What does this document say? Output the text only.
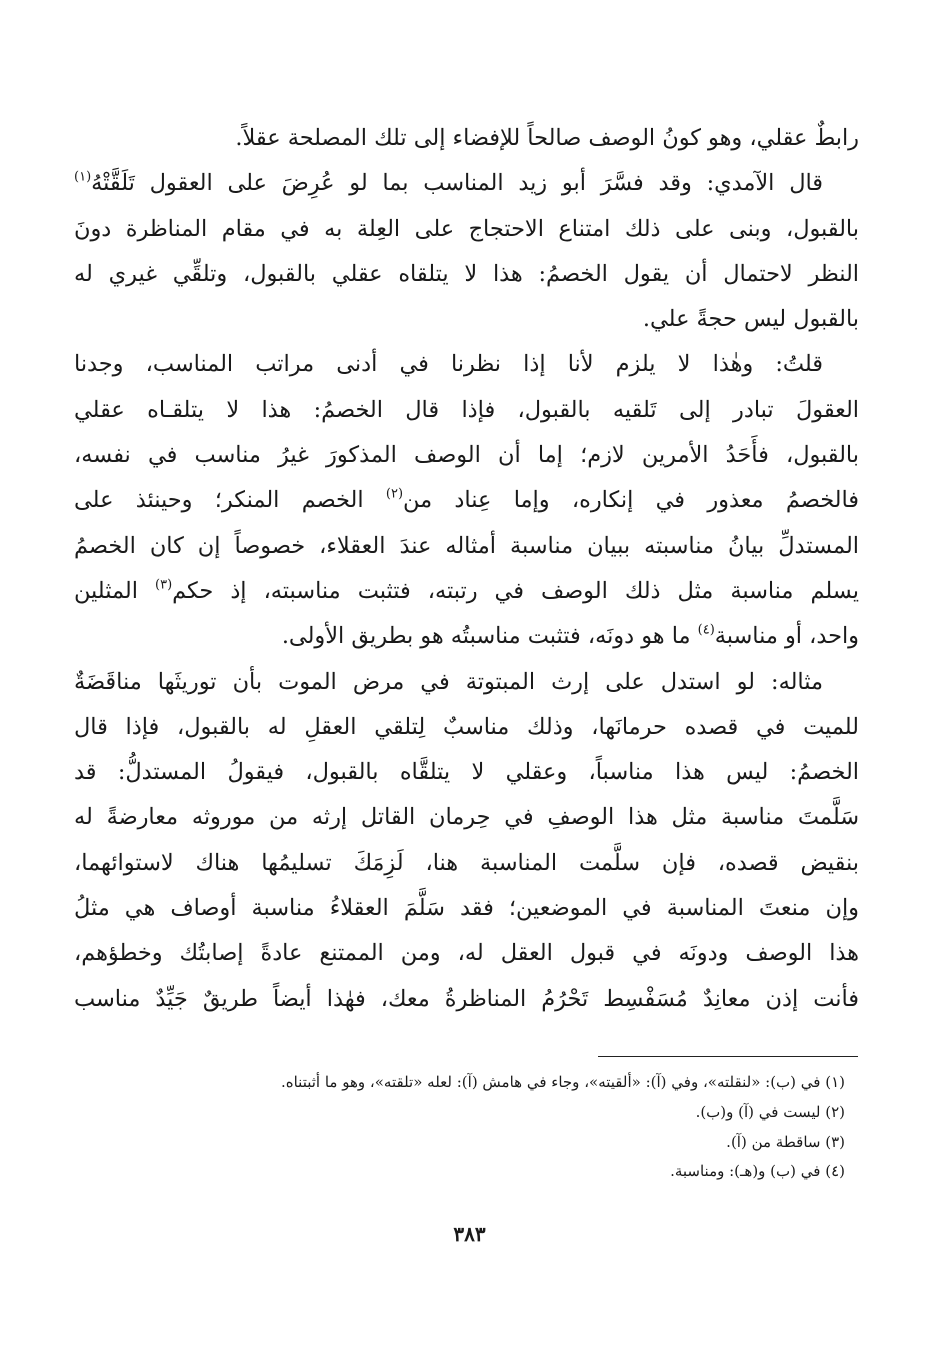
رابطٌ عقلي، وهو كونُ الوصف صالحاً للإفضاء إلى تلك المصلحة عقلاً.

قال الآمدي: وقد فسَّرَ أبو زيد المناسب بما لو عُرِضَ على العقول تَلَقَّتْهُ$^{(١)}$
بالقبول، وبنى على ذلك امتناع الاحتجاج على العِلة به في مقام المناظرة دونَ
النظر لاحتمال أن يقول الخصمُ: هذا لا يتلقاه عقلي بالقبول، وتلقِّي غيري له
بالقبول ليس حجةً علي.

قلتُ: وهٰذا لا يلزم لأنا إذا نظرنا في أدنى مراتب المناسب، وجدنا
العقولَ تبادر إلى تَلقيه بالقبول، فإذا قال الخصمُ: هذا لا يتلقـاه عقلي
بالقبول، فأَحَدُ الأمرين لازم؛ إما أن الوصف المذكورَ غيرُ مناسب في نفسه،
فالخصمُ معذور في إنكاره، وإما عِناد من$^{(٢)}$ الخصم المنكر؛ وحينئذ على
المستدلِّ بيانُ مناسبته ببيان مناسبة أمثاله عندَ العقلاء، خصوصاً إن كان الخصمُ
يسلم مناسبة مثل ذلك الوصف في رتبته، فتثبت مناسبته، إذ حكم$^{(٣)}$ المثلين
واحد، أو مناسبة$^{(٤)}$ ما هو دونَه، فتثبت مناسبتُه هو بطريق الأولى.

مثاله: لو استدل على إرث المبتوتة في مرض الموت بأن توريثَها مناقَضَةٌ
للميت في قصده حرمانَها، وذلك مناسبٌ لِتلقي العقلِ له بالقبول، فإذا قال
الخصمُ: ليس هذا مناسباً، وعقلي لا يتلقَّاه بالقبول، فيقولُ المستدلُّ: قد
سَلَّمتَ مناسبة مثل هذا الوصفِ في حِرمان القاتل إرثه من موروثه معارضةً له
بنقيض قصده، فإن سلَّمت المناسبة هنا، لَزِمَكَ تسليمُها هناك لاستوائهما،
وإن منعتَ المناسبة في الموضعين؛ فقد سَلَّمَ العقلاءُ مناسبة أوصاف هي مثلُ
هذا الوصف ودونَه في قبول العقل له، ومن الممتنع عادةً إصابتُك وخطؤهم،
فأنت إذن معانِدٌ مُسَفْسِط تَحْرُمُ المناظرةُ معك، فهٰذا أيضاً طريقٌ جَيِّدٌ مناسب

(١) في (ب): «لنقلته»، وفي (آ): «ألقيته»، وجاء في هامش (آ): لعله «تلقته»، وهو ما أثبتناه.
(٢) ليست في (آ) و(ب).
(٣) ساقطة من (آ).
(٤) في (ب) و(هـ): ومناسبة.
٣٨٣
